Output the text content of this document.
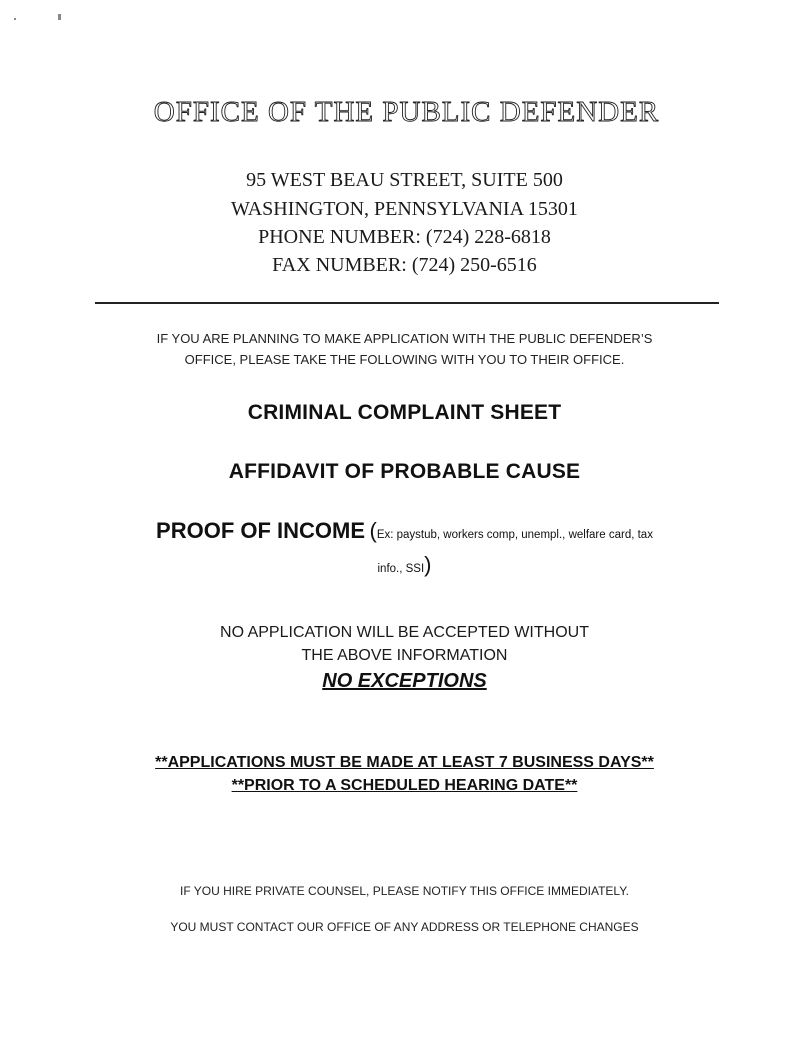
OFFICE OF THE PUBLIC DEFENDER
95 WEST BEAU STREET, SUITE 500
WASHINGTON, PENNSYLVANIA 15301
PHONE NUMBER: (724) 228-6818
FAX NUMBER: (724) 250-6516
IF YOU ARE PLANNING TO MAKE APPLICATION WITH THE PUBLIC DEFENDER’S
OFFICE, PLEASE TAKE THE FOLLOWING WITH YOU TO THEIR OFFICE.
CRIMINAL COMPLAINT SHEET
AFFIDAVIT OF PROBABLE CAUSE
PROOF OF INCOME (Ex: paystub, workers comp, unempl., welfare card, tax
info., SSI)
NO APPLICATION WILL BE ACCEPTED WITHOUT
THE ABOVE INFORMATION
NO EXCEPTIONS
**APPLICATIONS MUST BE MADE AT LEAST 7 BUSINESS DAYS**
**PRIOR TO A SCHEDULED HEARING DATE**
IF YOU HIRE PRIVATE COUNSEL, PLEASE NOTIFY THIS OFFICE IMMEDIATELY.
YOU MUST CONTACT OUR OFFICE OF ANY ADDRESS OR TELEPHONE CHANGES
